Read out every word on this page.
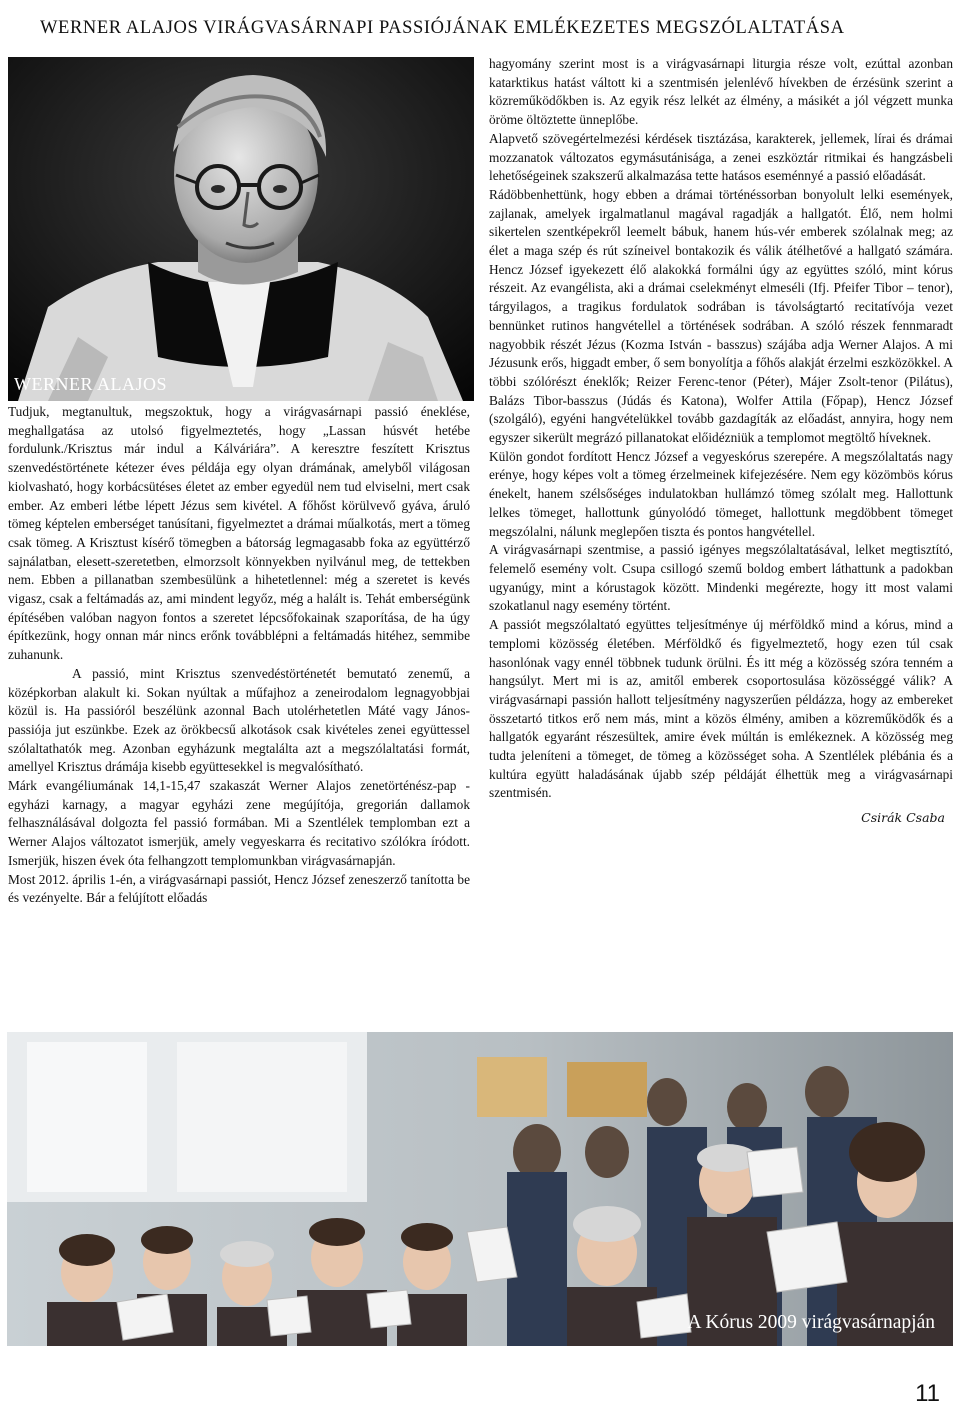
WERNER ALAJOS VIRÁGVASÁRNAPI PASSIÓJÁNAK EMLÉKEZETES MEGSZÓLALTATÁSA
WERNER ALAJOS

Tudjuk, megtanultuk, megszoktuk, hogy a virágvasárnapi passió éneklése, meghallgatása az utolsó figyelmeztetés, hogy „Lassan húsvét hetébe fordulunk./Krisztus már indul a Kálváriára”. A keresztre feszített Krisztus szenvedéstörténete kétezer éves példája egy olyan drámának, amelyből világosan kiolvasható, hogy korbácsütéses életet az ember egyedül nem tud elviselni, mert csak ember. Az emberi létbe lépett Jézus sem kivétel. A főhőst körülvevő gyáva, áruló tömeg képtelen emberséget tanúsítani, figyelmeztet a drámai műalkotás, mert a tömeg csak tömeg. A Krisztust kísérő tömegben a bátorság legmagasabb foka az együttérző sajnálatban, elesett-szeretetben, elmorzsolt könnyekben nyilvánul meg, de tettekben nem. Ebben a pillanatban szembesülünk a hihetetlennel: még a szeretet is kevés vigasz, csak a feltámadás az, ami mindent legyőz, még a halált is. Tehát emberségünk építésében valóban nagyon fontos a szeretet lépcsőfokainak szaporítása, de ha úgy építkezünk, hogy onnan már nincs erőnk továbblépni a feltámadás hitéhez, semmibe zuhanunk.

A passió, mint Krisztus szenvedéstörténetét bemutató zenemű, a középkorban alakult ki. Sokan nyúltak a műfajhoz a zeneirodalom legnagyobbjai közül is. Ha passióról beszélünk azonnal Bach utolérhetetlen Máté vagy János-passiója jut eszünkbe. Ezek az örökbecsű alkotások csak kivételes zenei együttessel szólaltathatók meg. Azonban egyházunk megtalálta azt a megszólaltatási formát, amellyel Krisztus drámája kisebb együttesekkel is megvalósítható.

Márk evangéliumának 14,1-15,47 szakaszát Werner Alajos zenetörténész-pap - egyházi karnagy, a magyar egyházi zene megújítója, gregorián dallamok felhasználásával dolgozta fel passió formában. Mi a Szentlélek templomban ezt a Werner Alajos változatot ismerjük, amely vegyeskarra és recitativo szólókra íródott. Ismerjük, hiszen évek óta felhangzott templomunkban virágvasárnapján.

Most 2012. április 1-én, a virágvasárnapi passiót, Hencz József zeneszerző tanította be és vezényelte. Bár a felújított előadás

hagyomány szerint most is a virágvasárnapi liturgia része volt, ezúttal azonban katarktikus hatást váltott ki a szentmisén jelenlévő hívekben de érzésünk szerint a közreműködőkben is. Az egyik rész lelkét az élmény, a másikét a jól végzett munka öröme öltöztette ünneplőbe.

Alapvető szövegértelmezési kérdések tisztázása, karakterek, jellemek, lírai és drámai mozzanatok változatos egymásutánisága, a zenei eszköztár ritmikai és hangzásbeli lehetőségeinek szakszerű alkalmazása tette hatásos eseménnyé a passió előadását.

Rádöbbenhettünk, hogy ebben a drámai történéssorban bonyolult lelki események, zajlanak, amelyek irgalmatlanul magával ragadják a hallgatót. Élő, nem holmi sikertelen szentképekről leemelt bábuk, hanem hús-vér emberek szólalnak meg; az élet a maga szép és rút színeivel bontakozik és válik átélhetővé a hallgató számára. Hencz József igyekezett élő alakokká formálni úgy az együttes szóló, mint kórus részeit. Az evangélista, aki a drámai cselekményt elmeséli (Ifj. Pfeifer Tibor – tenor), tárgyilagos, a tragikus fordulatok sodrában is távolságtartó recitatívója vezet bennünket rutinos hangvétellel a történések sodrában. A szóló részek fennmaradt nagyobbik részét Jézus (Kozma István - basszus) szájába adja Werner Alajos. A mi Jézusunk erős, higgadt ember, ő sem bonyolítja a főhős alakját érzelmi eszközökkel. A többi szólórészt éneklők; Reizer Ferenc-tenor (Péter), Májer Zsolt-tenor (Pilátus), Balázs Tibor-basszus (Júdás és Katona), Wolfer Attila (Főpap), Hencz József (szolgáló), egyéni hangvételükkel tovább gazdagíták az előadást, annyira, hogy nem egyszer sikerült megrázó pillanatokat előidézniük a templomot megtöltő híveknek.

Külön gondot fordított Hencz József a vegyeskórus szerepére. A megszólaltatás nagy erénye, hogy képes volt a tömeg érzelmeinek kifejezésére. Nem egy közömbös kórus énekelt, hanem szélsőséges indulatokban hullámzó tömeg szólalt meg. Hallottunk lelkes tömeget, hallottunk gúnyolódó tömeget, hallottunk megdöbbent tömeget megszólalni, nálunk meglepően tiszta és pontos hangvétellel.

A virágvasárnapi szentmise, a passió igényes megszólaltatásával, lelket megtisztító, felemelő esemény volt. Csupa csillogó szemű boldog embert láthattunk a padokban ugyanúgy, mint a kórustagok között. Mindenki megérezte, hogy itt most valami szokatlanul nagy esemény történt.

A passiót megszólaltató együttes teljesítménye új mérföldkő mind a kórus, mind a templomi közösség életében. Mérföldkő és figyelmeztető, hogy ezen túl csak hasonlónak vagy ennél többnek tudunk örülni. És itt még a közösség szóra tenném a hangsúlyt. Mert mi is az, amitől emberek csoportosulása közösséggé válik? A virágvasárnapi passión hallott teljesítmény nagyszerűen példázza, hogy az embereket összetartó titkos erő nem más, mint a közös élmény, amiben a közreműködők és a hallgatók egyaránt részesültek, amire évek múltán is emlékeznek. A közösség meg tudta jeleníteni a tömeget, de tömeg a közösséget soha. A Szentlélek plébánia és a kultúra együtt haladásának újabb szép példáját élhettük meg a virágvasárnapi szentmisén.

Csirák Csaba
A Kórus 2009 virágvasárnapján
11
